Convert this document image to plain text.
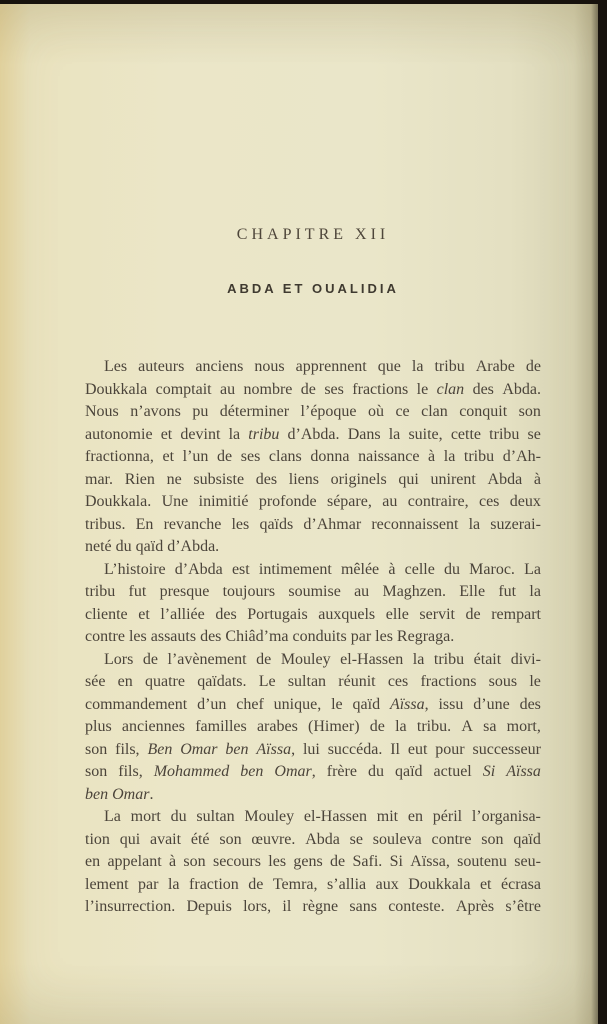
CHAPITRE XII
ABDA ET OUALIDIA
Les auteurs anciens nous apprennent que la tribu Arabe de
Doukkala comptait au nombre de ses fractions le clan des Abda.
Nous n’avons pu déterminer l’époque où ce clan conquit son
autonomie et devint la tribu d’Abda. Dans la suite, cette tribu se
fractionna, et l’un de ses clans donna naissance à la tribu d’Ah-
mar. Rien ne subsiste des liens originels qui unirent Abda à
Doukkala. Une inimitié profonde sépare, au contraire, ces deux
tribus. En revanche les qaïds d’Ahmar reconnaissent la suzerai-
neté du qaïd d’Abda.
L’histoire d’Abda est intimement mêlée à celle du Maroc. La
tribu fut presque toujours soumise au Maghzen. Elle fut la
cliente et l’alliée des Portugais auxquels elle servit de rempart
contre les assauts des Chiâd’ma conduits par les Regraga.
Lors de l’avènement de Mouley el-Hassen la tribu était divi-
sée en quatre qaïdats. Le sultan réunit ces fractions sous le
commandement d’un chef unique, le qaïd Aïssa, issu d’une des
plus anciennes familles arabes (Himer) de la tribu. A sa mort,
son fils, Ben Omar ben Aïssa, lui succéda. Il eut pour successeur
son fils, Mohammed ben Omar, frère du qaïd actuel Si Aïssa
ben Omar.
La mort du sultan Mouley el-Hassen mit en péril l’organisa-
tion qui avait été son œuvre. Abda se souleva contre son qaïd
en appelant à son secours les gens de Safi. Si Aïssa, soutenu seu-
lement par la fraction de Temra, s’allia aux Doukkala et écrasa
l’insurrection. Depuis lors, il règne sans conteste. Après s’être
